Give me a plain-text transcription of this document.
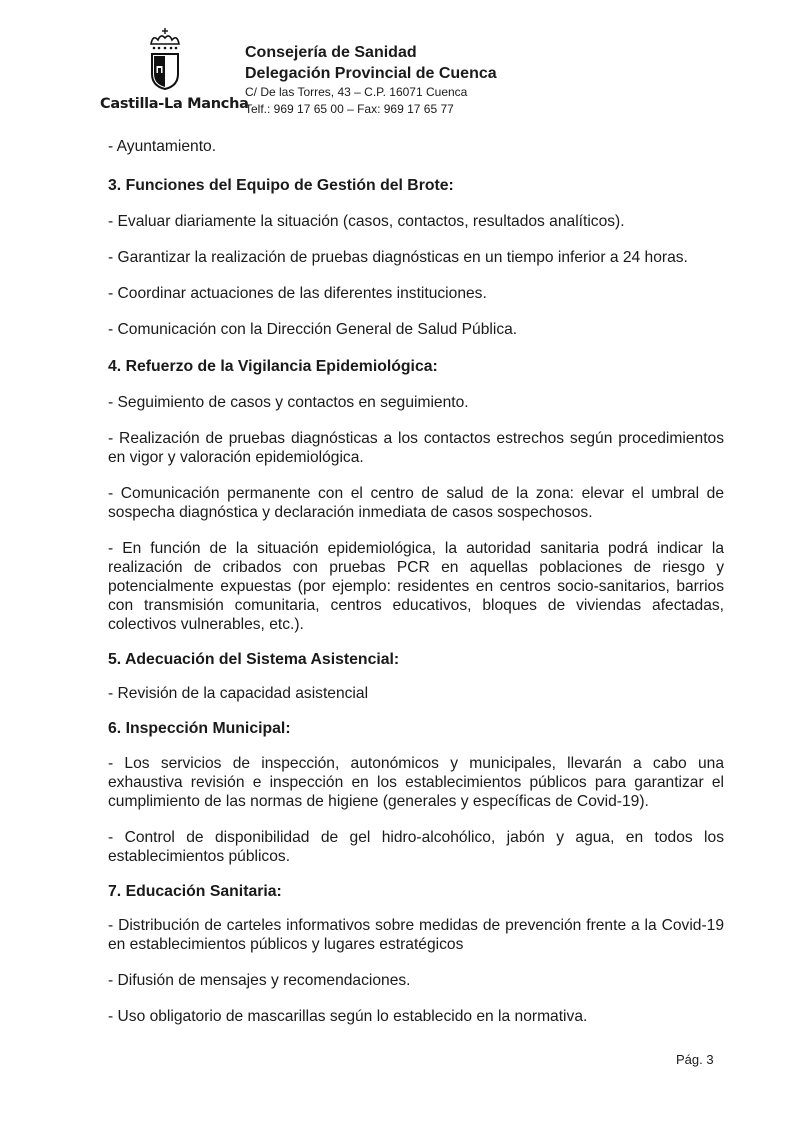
Castilla-La Mancha
Consejería de Sanidad
Delegación Provincial de Cuenca
C/ De las Torres, 43 – C.P. 16071 Cuenca
Telf.: 969 17 65 00 – Fax: 969 17 65 77

- Ayuntamiento.

3. Funciones del Equipo de Gestión del Brote:

- Evaluar diariamente la situación (casos, contactos, resultados analíticos).

- Garantizar la realización de pruebas diagnósticas en un tiempo inferior a 24 horas.

- Coordinar actuaciones de las diferentes instituciones.

- Comunicación con la Dirección General de Salud Pública.

4. Refuerzo de la Vigilancia Epidemiológica:

- Seguimiento de casos y contactos en seguimiento.

- Realización de pruebas diagnósticas a los contactos estrechos según procedimientos en vigor y valoración epidemiológica.

- Comunicación permanente con el centro de salud de la zona: elevar el umbral de sospecha diagnóstica y declaración inmediata de casos sospechosos.

- En función de la situación epidemiológica, la autoridad sanitaria podrá indicar la realización de cribados con pruebas PCR en aquellas poblaciones de riesgo y potencialmente expuestas (por ejemplo: residentes en centros socio-sanitarios, barrios con transmisión comunitaria, centros educativos, bloques de viviendas afectadas, colectivos vulnerables, etc.).

5. Adecuación del Sistema Asistencial:

- Revisión de la capacidad asistencial

6. Inspección Municipal:

- Los servicios de inspección, autonómicos y municipales, llevarán a cabo una exhaustiva revisión e inspección en los establecimientos públicos para garantizar el cumplimiento de las normas de higiene (generales y específicas de Covid-19).

- Control de disponibilidad de gel hidro-alcohólico, jabón y agua, en todos los establecimientos públicos.

7. Educación Sanitaria:

- Distribución de carteles informativos sobre medidas de prevención frente a la Covid-19 en establecimientos públicos y lugares estratégicos

- Difusión de mensajes y recomendaciones.

- Uso obligatorio de mascarillas según lo establecido en la normativa.

Pág. 3
